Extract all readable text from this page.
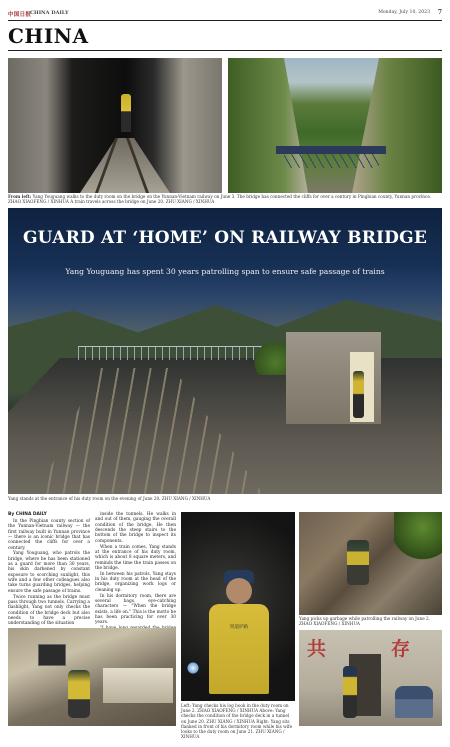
中国日报
CHINA DAILY	Monday, July 10, 2023 7
CHINA
From left: Yang Youguang walks to the duty room on the bridge on the Yunnan-Vietnam railway on June 3. The bridge has connected the cliffs for over a century in Pingbian county, Yunnan province. ZHAO XIAOFENG / XINHUA A train travels across the bridge on June 20. ZHU XIANG / XINHUA
GUARD AT ‘HOME’ ON RAILWAY BRIDGE
Yang Youguang has spent 30 years patrolling span to ensure safe passage of trains
Yang stands at the entrance of his duty room on the evening of June 20. ZHU XIANG / XINHUA

By CHINA DAILY

In the Pingbian county section of the Yunnan-Vietnam railway — the first railway built in Yunnan province — there is an iconic bridge that has connected the cliffs for over a century.

Yang Youguang, who patrols the bridge, where he has been stationed as a guard for more than 30 years, his skin darkened by constant exposure to scorching sunlight, this wife and a few other colleagues also take turns guarding bridges, helping ensure the safe passage of trains.

Twice running as the bridge must pass through two tunnels. Carrying a flashlight, Yang not only checks the condition of the bridge deck but also needs to have a precise understanding of the situation

inside the tunnels. He walks in and out of them, gauging the overall condition of the bridge. He then descends the steep stairs to the bottom of the bridge to inspect its components.

When a train comes, Yang stands at the entrance of his duty room, which is about 8 square meters, and reminds the time the train passes on the bridge.

In between his patrols, Yang stays in his duty room at the head of the bridge, organizing work logs or cleaning up.

In his dormitory room, there are several bags, eye-catching characters — "When the bridge exists, a life on." This is the motto he has been practicing for over 30 years.

铁道护路
Yang picks up garbage while patrolling the railway on June 2. ZHAO XIAOFENG / XINHUA
Left: Yang checks his log book in the duty room on June 2. ZHAO XIAOFENG / XINHUA Above: Yang checks the condition of the bridge deck in a tunnel on June 20. ZHU XIANG / XINHUA Right: Yang sits flanked in front of his dormitory room while his wife looks to the duty room on June 21. ZHU XIANG / XINHUA
共	存
